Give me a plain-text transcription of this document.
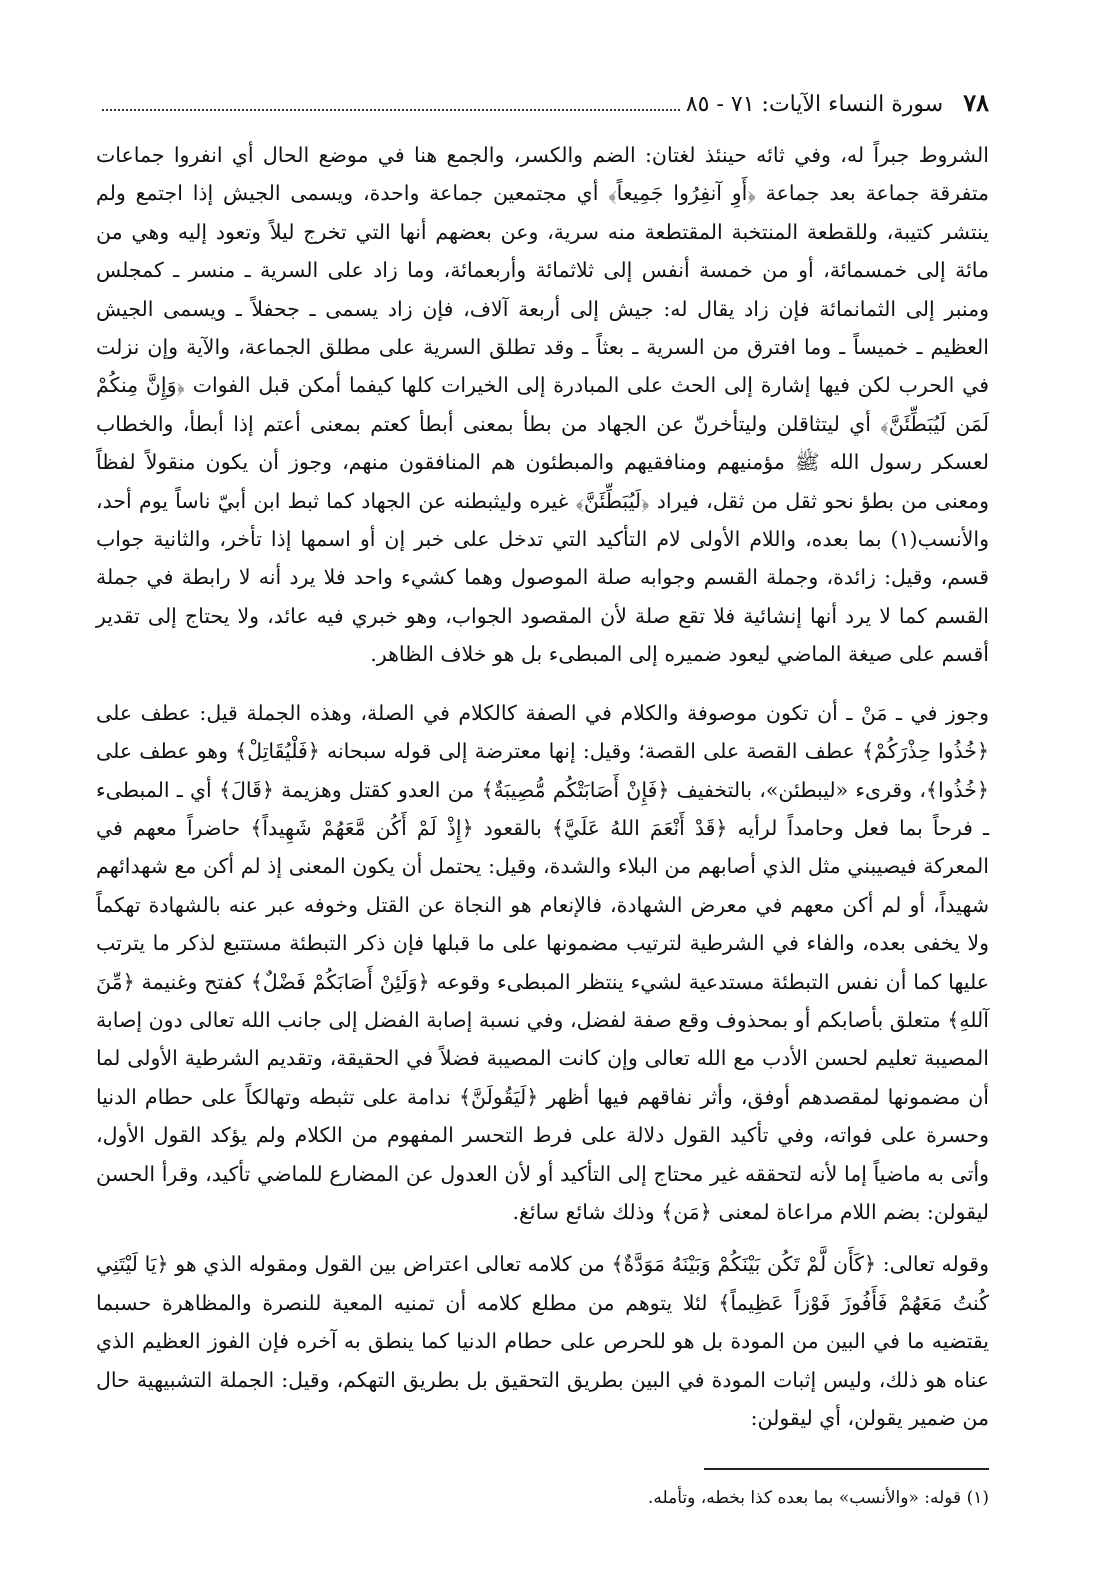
٧٨
سورة النساء الآيات: ٧١ - ٨٥

الشروط جبراً له، وفي ثائه حينئذ لغتان: الضم والكسر، والجمع هنا في موضع الحال أي انفروا جماعات متفرقة جماعة بعد جماعة ﴿أَوِ آنفِرُوا جَمِيعاً﴾ أي مجتمعين جماعة واحدة، ويسمى الجيش إذا اجتمع ولم ينتشر كتيبة، وللقطعة المنتخبة المقتطعة منه سرية، وعن بعضهم أنها التي تخرج ليلاً وتعود إليه وهي من مائة إلى خمسمائة، أو من خمسة أنفس إلى ثلاثمائة وأربعمائة، وما زاد على السرية ـ منسر ـ كمجلس ومنبر إلى الثمانمائة فإن زاد يقال له: جيش إلى أربعة آلاف، فإن زاد يسمى ـ جحفلاً ـ ويسمى الجيش العظيم ـ خميساً ـ وما افترق من السرية ـ بعثاً ـ وقد تطلق السرية على مطلق الجماعة، والآية وإن نزلت في الحرب لكن فيها إشارة إلى الحث على المبادرة إلى الخيرات كلها كيفما أمكن قبل الفوات ﴿وَإِنَّ مِنكُمْ لَمَن لَيُبَطِّئَنَّ﴾ أي ليتثاقلن وليتأخرنّ عن الجهاد من بطأ بمعنى أبطأ كعتم بمعنى أعتم إذا أبطأ، والخطاب لعسكر رسول الله ﷺ مؤمنيهم ومنافقيهم والمبطئون هم المنافقون منهم، وجوز أن يكون منقولاً لفظاً ومعنى من بطؤ نحو ثقل من ثقل، فيراد ﴿لَيُبَطِّئَنَّ﴾ غيره وليثبطنه عن الجهاد كما ثبط ابن أبيّ ناساً يوم أحد، والأنسب(١) بما بعده، واللام الأولى لام التأكيد التي تدخل على خبر إن أو اسمها إذا تأخر، والثانية جواب قسم، وقيل: زائدة، وجملة القسم وجوابه صلة الموصول وهما كشيء واحد فلا يرد أنه لا رابطة في جملة القسم كما لا يرد أنها إنشائية فلا تقع صلة لأن المقصود الجواب، وهو خبري فيه عائد، ولا يحتاج إلى تقدير أقسم على صيغة الماضي ليعود ضميره إلى المبطىء بل هو خلاف الظاهر.

وجوز في ـ مَنْ ـ أن تكون موصوفة والكلام في الصفة كالكلام في الصلة، وهذه الجملة قيل: عطف على ﴿خُذُوا حِذْرَكُمْ﴾ عطف القصة على القصة؛ وقيل: إنها معترضة إلى قوله سبحانه ﴿فَلْيُقَاتِلْ﴾ وهو عطف على ﴿خُذُوا﴾، وقرىء «ليبطئن»، بالتخفيف ﴿فَإِنْ أَصَابَتْكُم مُّصِيبَةٌ﴾ من العدو كقتل وهزيمة ﴿قَالَ﴾ أي ـ المبطىء ـ فرحاً بما فعل وحامداً لرأيه ﴿قَدْ أَنْعَمَ اللهُ عَلَيَّ﴾ بالقعود ﴿إِذْ لَمْ أَكُن مَّعَهُمْ شَهِيداً﴾ حاضراً معهم في المعركة فيصيبني مثل الذي أصابهم من البلاء والشدة، وقيل: يحتمل أن يكون المعنى إذ لم أكن مع شهدائهم شهيداً، أو لم أكن معهم في معرض الشهادة، فالإنعام هو النجاة عن القتل وخوفه عبر عنه بالشهادة تهكماً ولا يخفى بعده، والفاء في الشرطية لترتيب مضمونها على ما قبلها فإن ذكر التبطئة مستتبع لذكر ما يترتب عليها كما أن نفس التبطئة مستدعية لشيء ينتظر المبطىء وقوعه ﴿وَلَئِنْ أَصَابَكُمْ فَضْلٌ﴾ كفتح وغنيمة ﴿مِّنَ آللهِ﴾ متعلق بأصابكم أو بمحذوف وقع صفة لفضل، وفي نسبة إصابة الفضل إلى جانب الله تعالى دون إصابة المصيبة تعليم لحسن الأدب مع الله تعالى وإن كانت المصيبة فضلاً في الحقيقة، وتقديم الشرطية الأولى لما أن مضمونها لمقصدهم أوفق، وأثر نفاقهم فيها أظهر ﴿لَيَقُولَنَّ﴾ ندامة على تثبطه وتهالكاً على حطام الدنيا وحسرة على فواته، وفي تأكيد القول دلالة على فرط التحسر المفهوم من الكلام ولم يؤكد القول الأول، وأتى به ماضياً إما لأنه لتحققه غير محتاج إلى التأكيد أو لأن العدول عن المضارع للماضي تأكيد، وقرأ الحسن ليقولن: بضم اللام مراعاة لمعنى ﴿مَن﴾ وذلك شائع سائغ.

وقوله تعالى: ﴿كَأَن لَّمْ تَكُن بَيْنَكُمْ وَبَيْنَهُ مَوَدَّةٌ﴾ من كلامه تعالى اعتراض بين القول ومقوله الذي هو ﴿يَا لَيْتَنِي كُنتُ مَعَهُمْ فَأَفُوزَ فَوْزاً عَظِيماً﴾ لئلا يتوهم من مطلع كلامه أن تمنيه المعية للنصرة والمظاهرة حسبما يقتضيه ما في البين من المودة بل هو للحرص على حطام الدنيا كما ينطق به آخره فإن الفوز العظيم الذي عناه هو ذلك، وليس إثبات المودة في البين بطريق التحقيق بل بطريق التهكم، وقيل: الجملة التشبيهية حال من ضمير يقولن، أي ليقولن:

(١) قوله: «والأنسب» بما بعده كذا بخطه، وتأمله.
